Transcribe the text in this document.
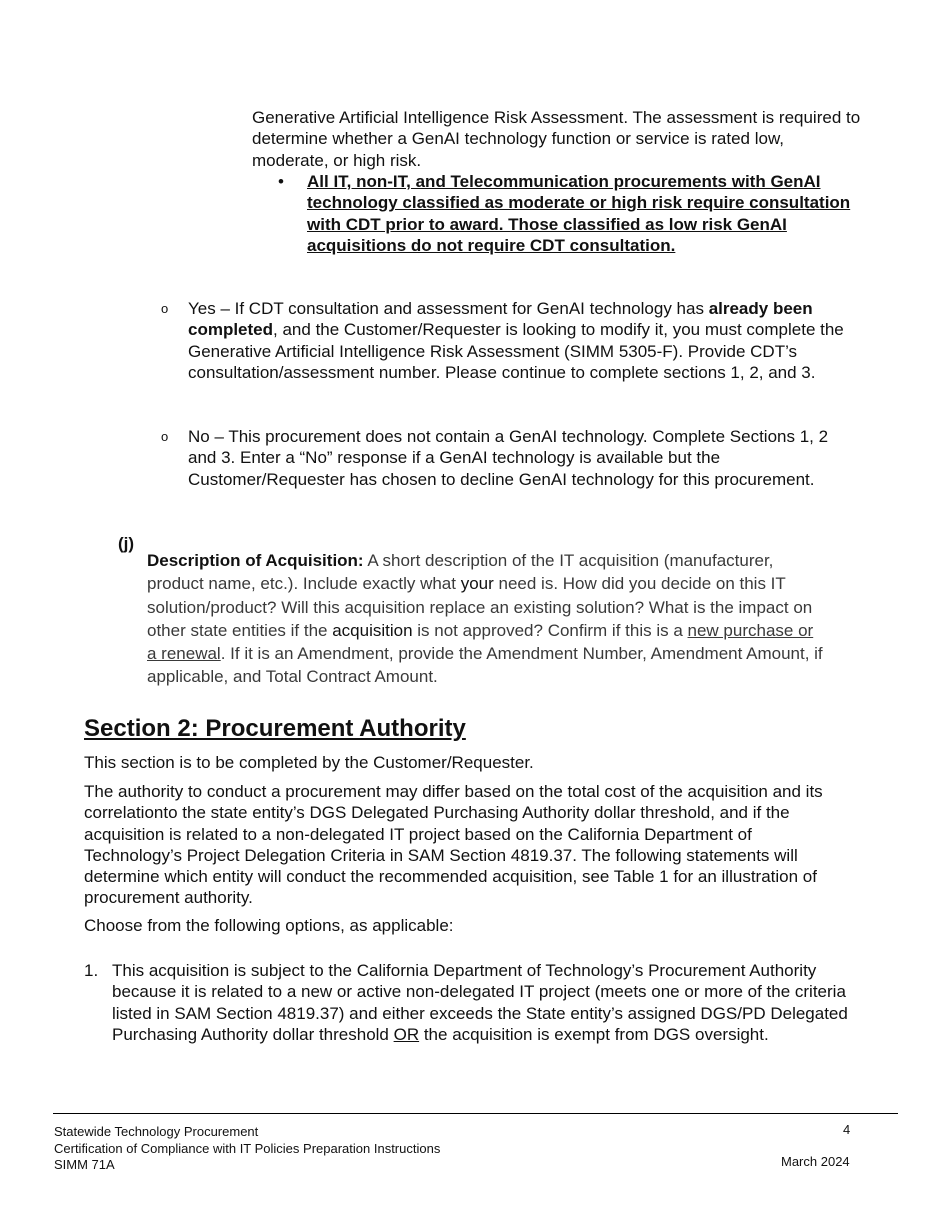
Generative Artificial Intelligence Risk Assessment. The assessment is required to determine whether a GenAI technology function or service is rated low, moderate, or high risk.

• All IT, non-IT, and Telecommunication procurements with GenAI technology classified as moderate or high risk require consultation with CDT prior to award. Those classified as low risk GenAI acquisitions do not require CDT consultation.

o Yes – If CDT consultation and assessment for GenAI technology has already been completed, and the Customer/Requester is looking to modify it, you must complete the Generative Artificial Intelligence Risk Assessment (SIMM 5305-F). Provide CDT’s consultation/assessment number. Please continue to complete sections 1, 2, and 3.

o No – This procurement does not contain a GenAI technology. Complete Sections 1, 2 and 3. Enter a “No” response if a GenAI technology is available but the Customer/Requester has chosen to decline GenAI technology for this procurement.

(j)

Description of Acquisition: A short description of the IT acquisition (manufacturer, product name, etc.). Include exactly what your need is. How did you decide on this IT solution/product? Will this acquisition replace an existing solution? What is the impact on other state entities if the acquisition is not approved? Confirm if this is a new purchase or a renewal. If it is an Amendment, provide the Amendment Number, Amendment Amount, if applicable, and Total Contract Amount.

Section 2: Procurement Authority

This section is to be completed by the Customer/Requester.

The authority to conduct a procurement may differ based on the total cost of the acquisition and its correlationto the state entity’s DGS Delegated Purchasing Authority dollar threshold, and if the acquisition is related to a non-delegated IT project based on the California Department of Technology’s Project Delegation Criteria in SAM Section 4819.37. The following statements will determine which entity will conduct the recommended acquisition, see Table 1 for an illustration of procurement authority.

Choose from the following options, as applicable:

1. This acquisition is subject to the California Department of Technology’s Procurement Authority because it is related to a new or active non-delegated IT project (meets one or more of the criteria listed in SAM Section 4819.37) and either exceeds the State entity’s assigned DGS/PD Delegated Purchasing Authority dollar threshold OR the acquisition is exempt from DGS oversight.

Statewide Technology Procurement
Certification of Compliance with IT Policies Preparation Instructions
SIMM 71A
4
March 2024
